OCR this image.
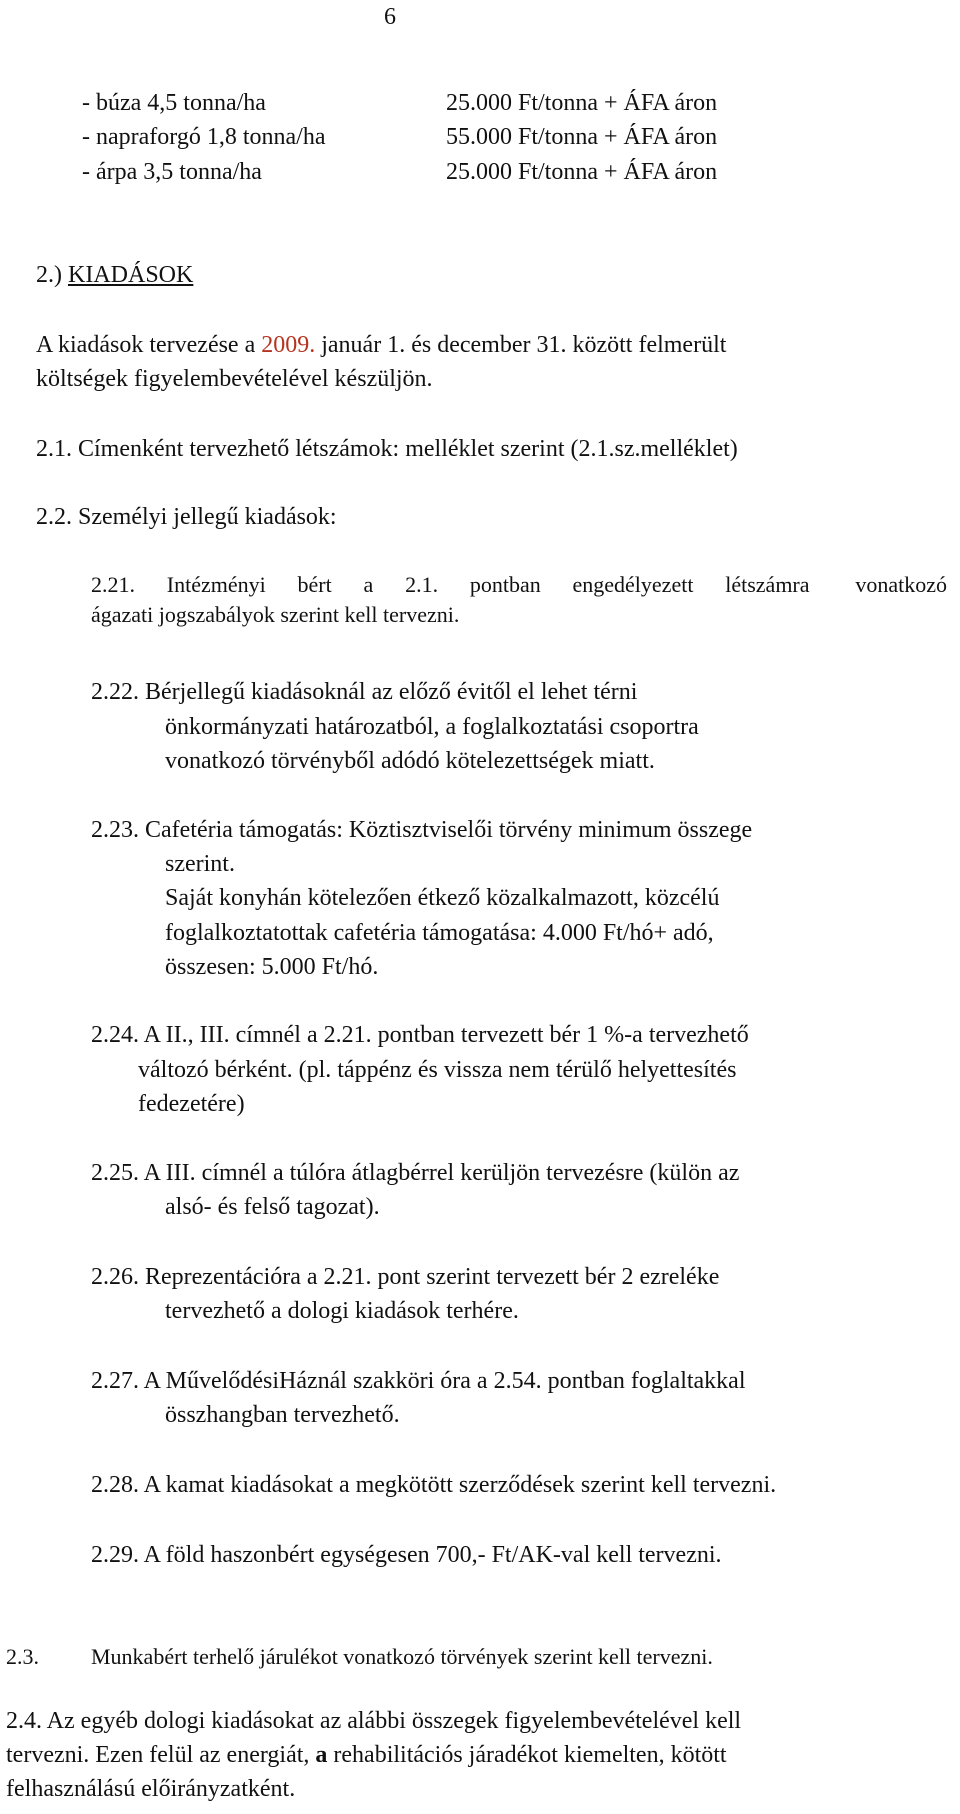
6
- búza 4,5 tonna/ha	25.000 Ft/tonna + ÁFA áron
- napraforgó 1,8 tonna/ha	55.000 Ft/tonna + ÁFA áron
- árpa 3,5 tonna/ha	25.000 Ft/tonna + ÁFA áron
2.) KIADÁSOK
A kiadások tervezése a 2009. január 1. és december 31. között felmerült
költségek figyelembevételével készüljön.
2.1. Címenként tervezhető létszámok: melléklet szerint (2.1.sz.melléklet)
2.2. Személyi jellegű kiadások:
2.21. Intézményi bért a 2.1. pontban engedélyezett létszámra vonatkozó
ágazati jogszabályok szerint kell tervezni.
2.22. Bérjellegű kiadásoknál az előző évitől el lehet térni
önkormányzati határozatból, a foglalkoztatási csoportra
vonatkozó törvényből adódó kötelezettségek miatt.
2.23. Cafetéria támogatás: Köztisztviselői törvény minimum összege
szerint.
Saját konyhán kötelezően étkező közalkalmazott, közcélú
foglalkoztatottak cafetéria támogatása: 4.000 Ft/hó+ adó,
összesen: 5.000 Ft/hó.
2.24. A II., III. címnél a 2.21. pontban tervezett bér 1 %-a tervezhető
változó bérként. (pl. táppénz és vissza nem térülő helyettesítés
fedezetére)
2.25. A III. címnél a túlóra átlagbérrel kerüljön tervezésre (külön az
alsó- és felső tagozat).
2.26. Reprezentációra a 2.21. pont szerint tervezett bér 2 ezreléke
tervezhető a dologi kiadások terhére.
2.27. A MűvelődésiHáznál szakköri óra a 2.54. pontban foglaltakkal
összhangban tervezhető.
2.28. A kamat kiadásokat a megkötött szerződések szerint kell tervezni.
2.29. A föld haszonbért egységesen 700,- Ft/AK-val kell tervezni.
2.3. Munkabért terhelő járulékot vonatkozó törvények szerint kell tervezni.
2.4. Az egyéb dologi kiadásokat az alábbi összegek figyelembevételével kell
tervezni. Ezen felül az energiát, a rehabilitációs járadékot kiemelten, kötött
felhasználású előirányzatként.
